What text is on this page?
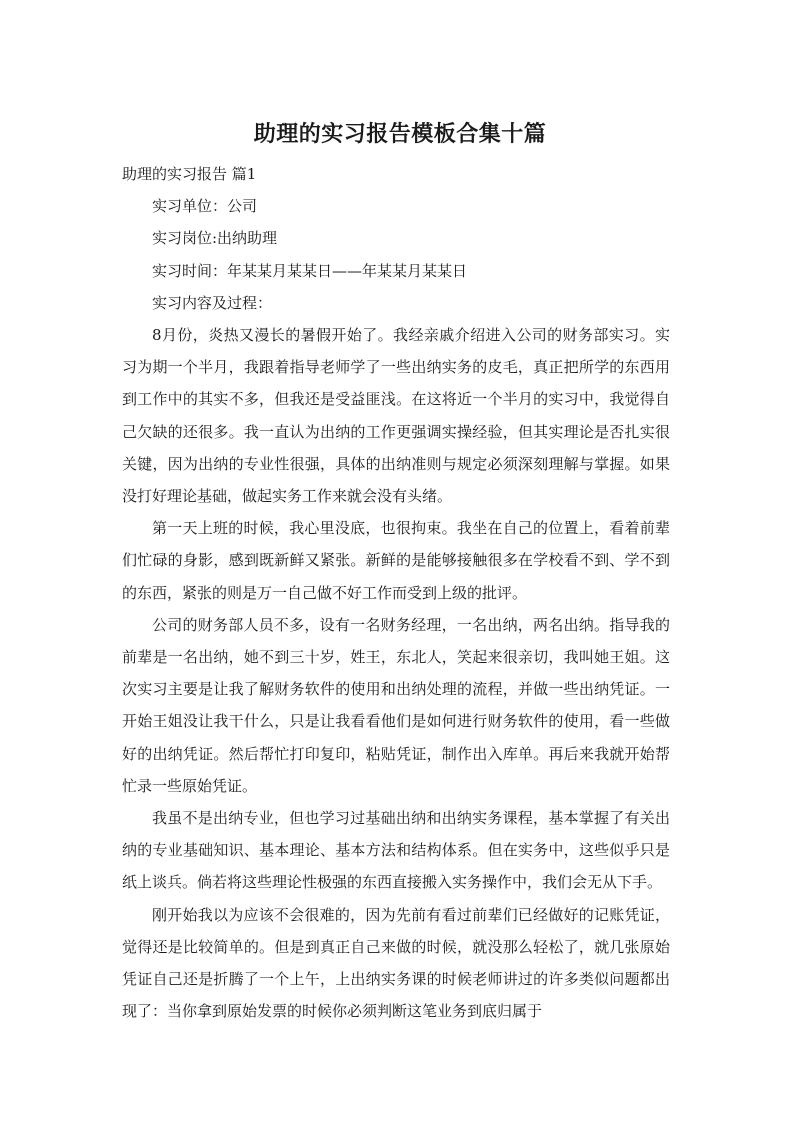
助理的实习报告模板合集十篇

助理的实习报告 篇1

实习单位：公司

实习岗位:出纳助理

实习时间：年某某月某某日——年某某月某某日

实习内容及过程：

8月份，炎热又漫长的暑假开始了。我经亲戚介绍进入公司的财务部实习。实习为期一个半月，我跟着指导老师学了一些出纳实务的皮毛，真正把所学的东西用到工作中的其实不多，但我还是受益匪浅。在这将近一个半月的实习中，我觉得自己欠缺的还很多。我一直认为出纳的工作更强调实操经验，但其实理论是否扎实很关键，因为出纳的专业性很强，具体的出纳准则与规定必须深刻理解与掌握。如果没打好理论基础，做起实务工作来就会没有头绪。

第一天上班的时候，我心里没底，也很拘束。我坐在自己的位置上，看着前辈们忙碌的身影，感到既新鲜又紧张。新鲜的是能够接触很多在学校看不到、学不到的东西，紧张的则是万一自己做不好工作而受到上级的批评。

公司的财务部人员不多，设有一名财务经理，一名出纳，两名出纳。指导我的前辈是一名出纳，她不到三十岁，姓王，东北人，笑起来很亲切，我叫她王姐。这次实习主要是让我了解财务软件的使用和出纳处理的流程，并做一些出纳凭证。一开始王姐没让我干什么，只是让我看看他们是如何进行财务软件的使用，看一些做好的出纳凭证。然后帮忙打印复印，粘贴凭证，制作出入库单。再后来我就开始帮忙录一些原始凭证。

我虽不是出纳专业，但也学习过基础出纳和出纳实务课程，基本掌握了有关出纳的专业基础知识、基本理论、基本方法和结构体系。但在实务中，这些似乎只是纸上谈兵。倘若将这些理论性极强的东西直接搬入实务操作中，我们会无从下手。

刚开始我以为应该不会很难的，因为先前有看过前辈们已经做好的记账凭证，觉得还是比较简单的。但是到真正自己来做的时候，就没那么轻松了，就几张原始凭证自己还是折腾了一个上午，上出纳实务课的时候老师讲过的许多类似问题都出现了：当你拿到原始发票的时候你必须判断这笔业务到底归属于
